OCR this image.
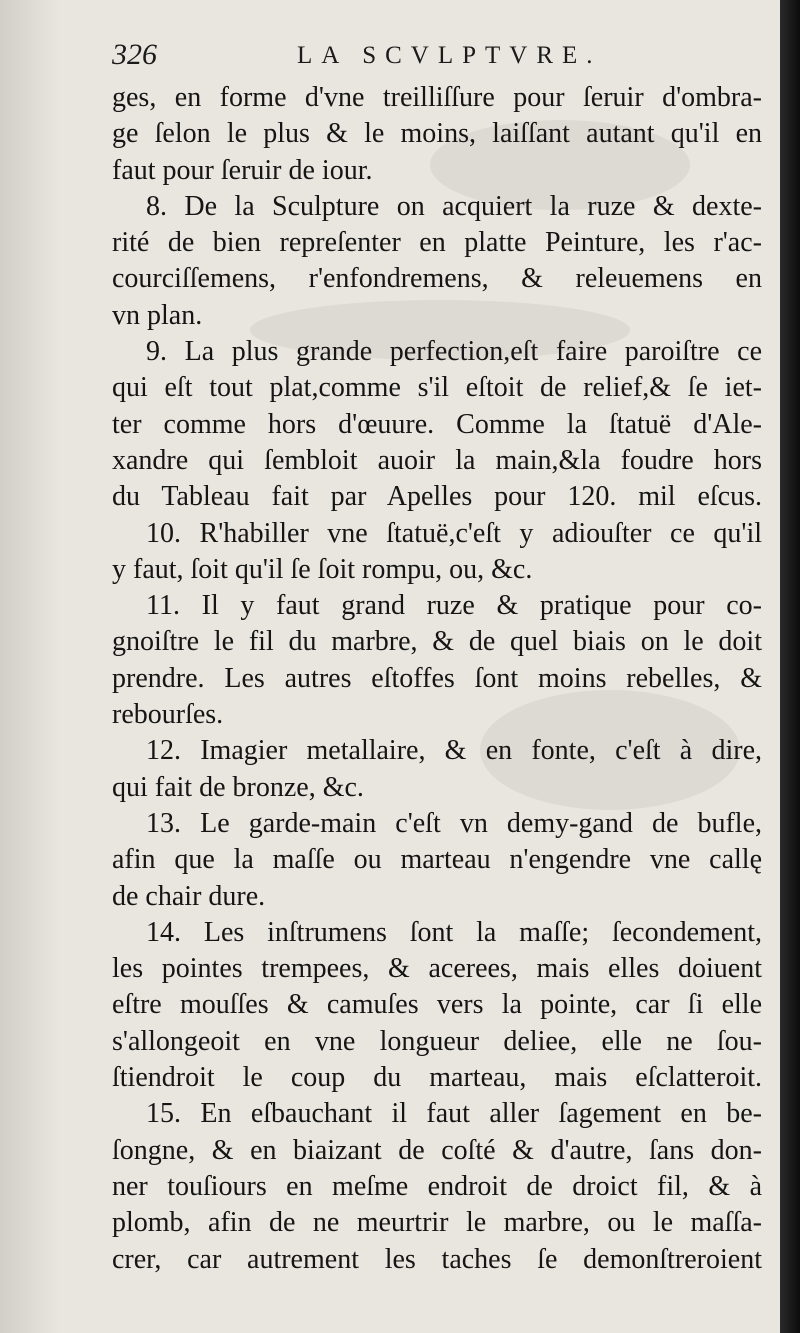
326	LA SCVLPTVRE.
ges, en forme d'vne treilliſſure pour ſeruir d'ombra-
ge ſelon le plus & le moins, laiſſant autant qu'il en
faut pour ſeruir de iour.
8. De la Sculpture on acquiert la ruze & dexte-
rité de bien repreſenter en platte Peinture, les r'ac-
courciſſemens, r'enfondremens, & releuemens en
vn plan.
9. La plus grande perfection,eſt faire paroiſtre ce
qui eſt tout plat,comme s'il eſtoit de relief,& ſe iet-
ter comme hors d'œuure. Comme la ſtatuë d'Ale-
xandre qui ſembloit auoir la main,&la foudre hors
du Tableau fait par Apelles pour 120. mil eſcus.
10. R'habiller vne ſtatuë,c'eſt y adiouſter ce qu'il
y faut, ſoit qu'il ſe ſoit rompu, ou, &c.
11. Il y faut grand ruze & pratique pour co-
gnoiſtre le fil du marbre, & de quel biais on le doit
prendre. Les autres eſtoffes ſont moins rebelles, &
rebourſes.
12. Imagier metallaire, & en fonte, c'eſt à dire,
qui fait de bronze, &c.
13. Le garde-main c'eſt vn demy-gand de bufle,
afin que la maſſe ou marteau n'engendre vne callę
de chair dure.
14. Les inſtrumens ſont la maſſe; ſecondement,
les pointes trempees, & acerees, mais elles doiuent
eſtre mouſſes & camuſes vers la pointe, car ſi elle
s'allongeoit en vne longueur deliee, elle ne ſou-
ſtiendroit le coup du marteau, mais eſclatteroit.
15. En eſbauchant il faut aller ſagement en be-
ſongne, & en biaizant de coſté & d'autre, ſans don-
ner touſiours en meſme endroit de droict fil, & à
plomb, afin de ne meurtrir le marbre, ou le maſſa-
crer, car autrement les taches ſe demonſtreroient
